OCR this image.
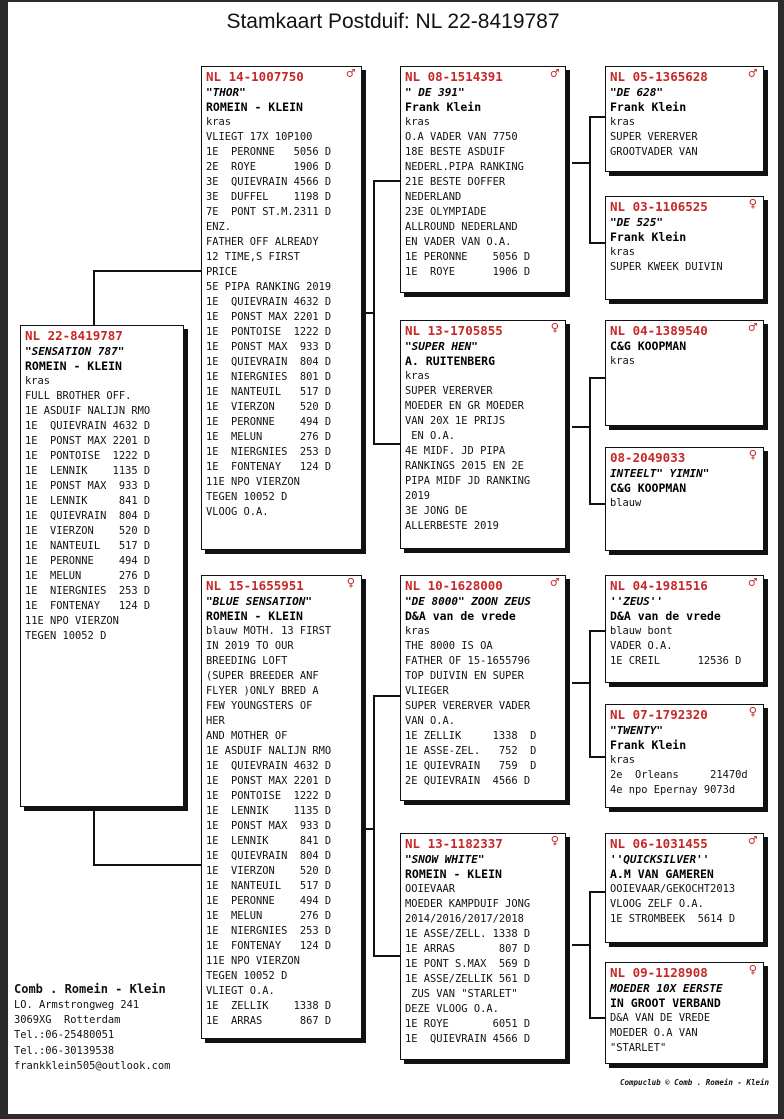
Stamkaart Postduif: NL 22-8419787
NL 22-8419787
"SENSATION 787"
ROMEIN - KLEIN
kras
FULL BROTHER OFF.
1E ASDUIF NALIJN RMO
1E  QUIEVRAIN 4632 D
1E  PONST MAX 2201 D
1E  PONTOISE  1222 D
1E  LENNIK    1135 D
1E  PONST MAX  933 D
1E  LENNIK     841 D
1E  QUIEVRAIN  804 D
1E  VIERZON    520 D
1E  NANTEUIL   517 D
1E  PERONNE    494 D
1E  MELUN      276 D
1E  NIERGNIES  253 D
1E  FONTENAY   124 D
11E NPO VIERZON
TEGEN 10052 D
NL 14-1007750	♂
"THOR"
ROMEIN - KLEIN
kras
VLIEGT 17X 10P100
1E  PERONNE   5056 D
2E  ROYE      1906 D
3E  QUIEVRAIN 4566 D
3E  DUFFEL    1198 D
7E  PONT ST.M.2311 D
ENZ.
FATHER OFF ALREADY
12 TIME,S FIRST
PRICE
5E PIPA RANKING 2019
1E  QUIEVRAIN 4632 D
1E  PONST MAX 2201 D
1E  PONTOISE  1222 D
1E  PONST MAX  933 D
1E  QUIEVRAIN  804 D
1E  NIERGNIES  801 D
1E  NANTEUIL   517 D
1E  VIERZON    520 D
1E  PERONNE    494 D
1E  MELUN      276 D
1E  NIERGNIES  253 D
1E  FONTENAY   124 D
11E NPO VIERZON
TEGEN 10052 D
VLOOG O.A.
NL 15-1655951	♀
"BLUE SENSATION"
ROMEIN - KLEIN
blauw MOTH. 13 FIRST
IN 2019 TO OUR
BREEDING LOFT
(SUPER BREEDER ANF
FLYER )ONLY BRED A
FEW YOUNGSTERS OF
HER
AND MOTHER OF
1E ASDUIF NALIJN RMO
1E  QUIEVRAIN 4632 D
1E  PONST MAX 2201 D
1E  PONTOISE  1222 D
1E  LENNIK    1135 D
1E  PONST MAX  933 D
1E  LENNIK     841 D
1E  QUIEVRAIN  804 D
1E  VIERZON    520 D
1E  NANTEUIL   517 D
1E  PERONNE    494 D
1E  MELUN      276 D
1E  NIERGNIES  253 D
1E  FONTENAY   124 D
11E NPO VIERZON
TEGEN 10052 D
VLIEGT O.A.
1E  ZELLIK    1338 D
1E  ARRAS      867 D
NL 08-1514391	♂
" DE 391"
Frank Klein
kras
O.A VADER VAN 7750
18E BESTE ASDUIF
NEDERL.PIPA RANKING
21E BESTE DOFFER
NEDERLAND
23E OLYMPIADE
ALLROUND NEDERLAND
EN VADER VAN O.A.
1E PERONNE    5056 D
1E  ROYE      1906 D
NL 13-1705855	♀
"SUPER HEN"
A. RUITENBERG
kras
SUPER VERERVER
MOEDER EN GR MOEDER
VAN 20X 1E PRIJS
EN O.A.
4E MIDF. JD PIPA
RANKINGS 2015 EN 2E
PIPA MIDF JD RANKING
2019
3E JONG DE
ALLERBESTE 2019
NL 10-1628000	♂
"DE 8000" ZOON ZEUS
D&A van de vrede
kras
THE 8000 IS OA
FATHER OF 15-1655796
TOP DUIVIN EN SUPER
VLIEGER
SUPER VERERVER VADER
VAN O.A.
1E ZELLIK     1338  D
1E ASSE-ZEL.   752  D
1E QUIEVRAIN   759  D
2E QUIEVRAIN  4566 D
NL 13-1182337	♀
"SNOW WHITE"
ROMEIN - KLEIN
OOIEVAAR
MOEDER KAMPDUIF JONG
2014/2016/2017/2018
1E ASSE/ZELL. 1338 D
1E ARRAS       807 D
1E PONT S.MAX  569 D
1E ASSE/ZELLIK 561 D
ZUS VAN "STARLET"
DEZE VLOOG O.A.
1E ROYE       6051 D
1E  QUIEVRAIN 4566 D
NL 05-1365628	♂
"DE 628"
Frank Klein
kras
SUPER VERERVER
GROOTVADER VAN
NL 03-1106525	♀
"DE 525"
Frank Klein
kras
SUPER KWEEK DUIVIN
NL 04-1389540	♂
C&G KOOPMAN
kras
08-2049033	♀
INTEELT" YIMIN"
C&G KOOPMAN
blauw
NL 04-1981516	♂
''ZEUS''
D&A van de vrede
blauw bont
VADER O.A.
1E CREIL      12536 D
NL 07-1792320	♀
"TWENTY"
Frank Klein
kras
2e  Orleans     21470d
4e npo Epernay 9073d
NL 06-1031455	♂
''QUICKSILVER''
A.M VAN GAMEREN
OOIEVAAR/GEKOCHT2013
VLOOG ZELF O.A.
1E STROMBEEK  5614 D
NL 09-1128908	♀
MOEDER 10X EERSTE
IN GROOT VERBAND
D&A VAN DE VREDE
MOEDER O.A VAN
"STARLET"
Comb . Romein - Klein
LO. Armstrongweg 241
3069XG  Rotterdam
Tel.:06-25480051
Tel.:06-30139538
frankklein505@outlook.com
Compuclub © Comb . Romein - Klein
